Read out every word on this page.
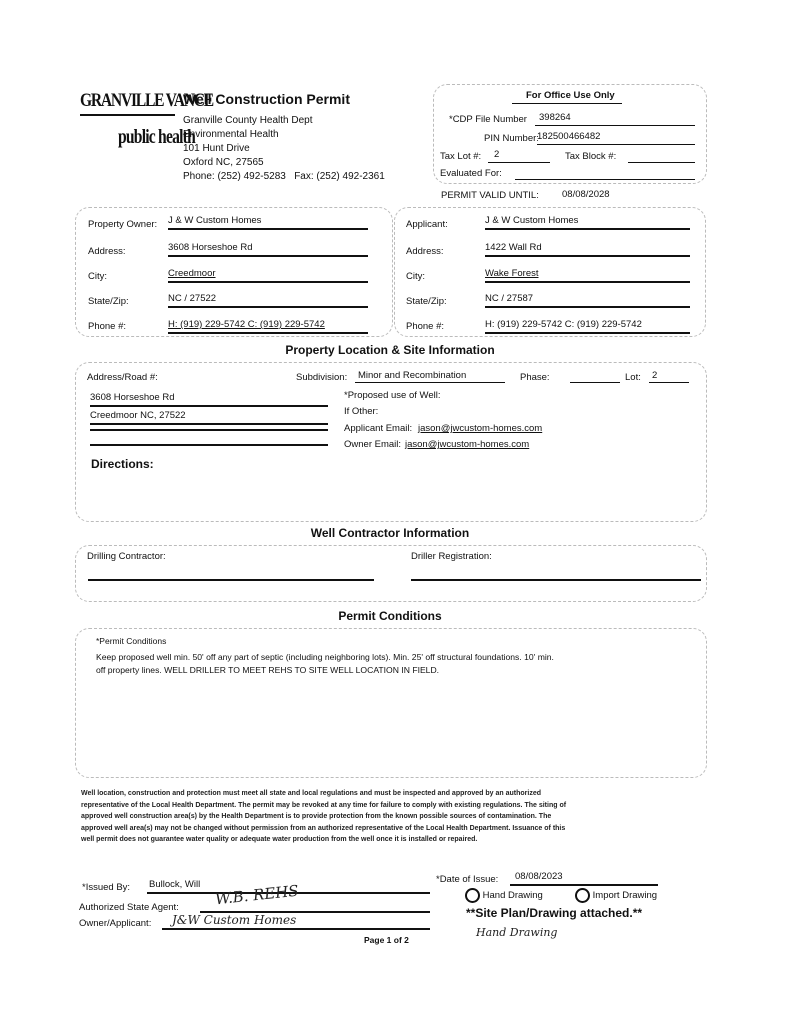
GRANVILLE VANCE
public health
Well Construction Permit
Granville County Health Dept
Environmental Health
101 Hunt Drive
Oxford NC, 27565
Phone: (252) 492-5283   Fax: (252) 492-2361
For Office Use Only
*CDP File Number	398264
PIN Number:
182500466482
Tax Lot #:	2	Tax Block #:
Evaluated For:
PERMIT VALID UNTIL: 08/08/2028
Property Owner: J & W Custom Homes
Address:	3608 Horseshoe Rd
City:	Creedmoor
State/Zip:	NC / 27522
Phone #:	H: (919) 229-5742 C: (919) 229-5742
Applicant:	J & W Custom Homes
Address:	1422 Wall Rd
City:	Wake Forest
State/Zip:	NC / 27587
Phone #:	H: (919) 229-5742 C: (919) 229-5742
Property Location & Site Information
Address/Road #:	Subdivision:	Minor and Recombination	Phase:	Lot:	2
3608 Horseshoe Rd
Creedmoor NC, 27522
*Proposed use of Well:
If Other:
Applicant Email: jason@jwcustom-homes.com
Owner Email: jason@jwcustom-homes.com
Directions:
Well Contractor Information
Drilling Contractor:	Driller Registration:
Permit Conditions
*Permit Conditions
Keep proposed well min. 50' off any part of septic (including neighboring lots). Min. 25' off structural foundations. 10' min.
off property lines. WELL DRILLER TO MEET REHS TO SITE WELL LOCATION IN FIELD.
Well location, construction and protection must meet all state and local regulations and must be inspected and approved by an authorized
representative of the Local Health Department. The permit may be revoked at any time for failure to comply with existing regulations. The siting of
approved well construction area(s) by the Health Department is to provide protection from the known possible sources of contamination. The
approved well area(s) may not be changed without permission from an authorized representative of the Local Health Department. Issuance of this
well permit does not guarantee water quality or adequate water production from the well once it is installed or repaired.
*Issued By: Bullock, Will
Authorized State Agent: W.B. REHS
Owner/Applicant: J&W Custom Homes
*Date of Issue:	08/08/2023
Hand Drawing	Import Drawing
**Site Plan/Drawing attached.**
Hand Drawing
Page 1 of 2
